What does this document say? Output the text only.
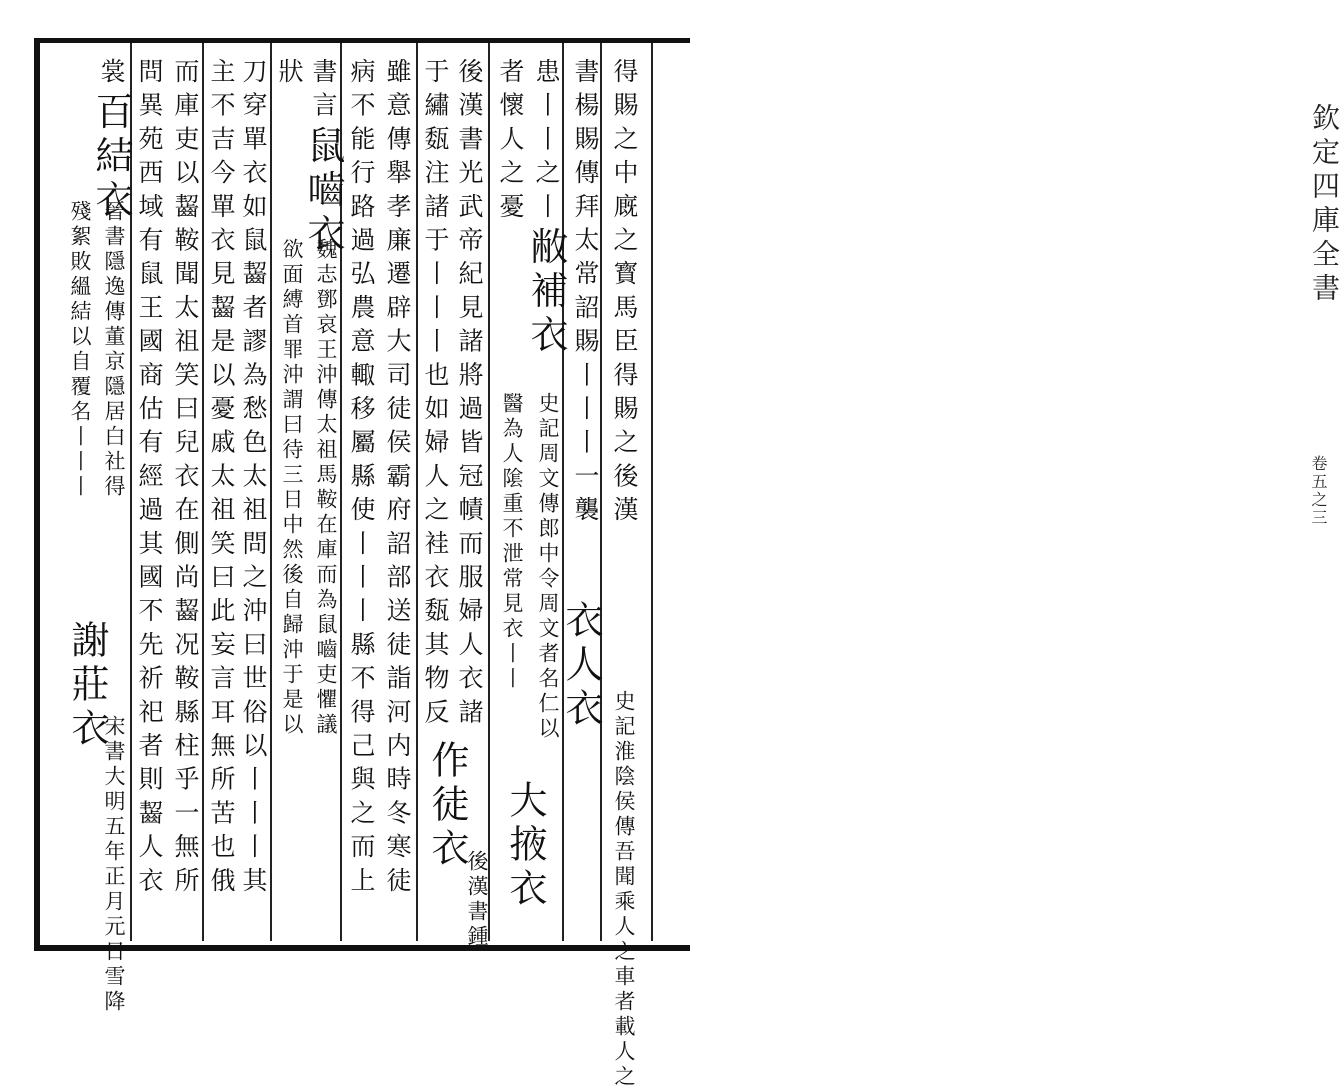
欽定四庫全書
卷五之三
得賜之中廐之寳馬臣得賜之後漢
書楊賜傳拜太常詔賜丨丨丨一襲
患丨丨之丨敝補衣
史記周文傳郎中令周文者名仁以
者懷人之憂
醫為人隂重不泄常見衣丨丨 衣人衣
史記淮陰侯傳吾聞乘人之車者載人之
大掖衣
後漢書光武帝紀見諸將過皆冠幘而服婦人衣諸
于繡瓾注諸于丨丨丨也如婦人之袿衣瓾其物反
作徒衣
後漢書鍾
雖意傳舉孝廉遷辟大司徒侯霸府詔部送徒詣河内時冬寒徒
病不能行路過弘農意輙移屬縣使丨丨丨縣不得己與之而上
書言鼠嚙衣
魏志鄧哀王沖傳太祖馬鞍在庫而為鼠嚙吏懼議
狀
欲面縛首罪沖謂曰待三日中然後自歸沖于是以
刀穿單衣如鼠齧者謬為愁色太祖問之沖曰世俗以丨丨丨其
主不吉今單衣見齧是以憂戚太祖笑曰此妄言耳無所苦也俄
而庫吏以齧鞍聞太祖笑曰兒衣在側尚齧况鞍縣柱乎一無所
問異苑西域有鼠王國商估有經過其國不先祈祀者則齧人衣
裳百結衣
晉書隱逸傳董京隱居白社得
殘絮敗縕結以自覆名丨丨丨
謝莊衣
宋書大明五年正月元日雪降
